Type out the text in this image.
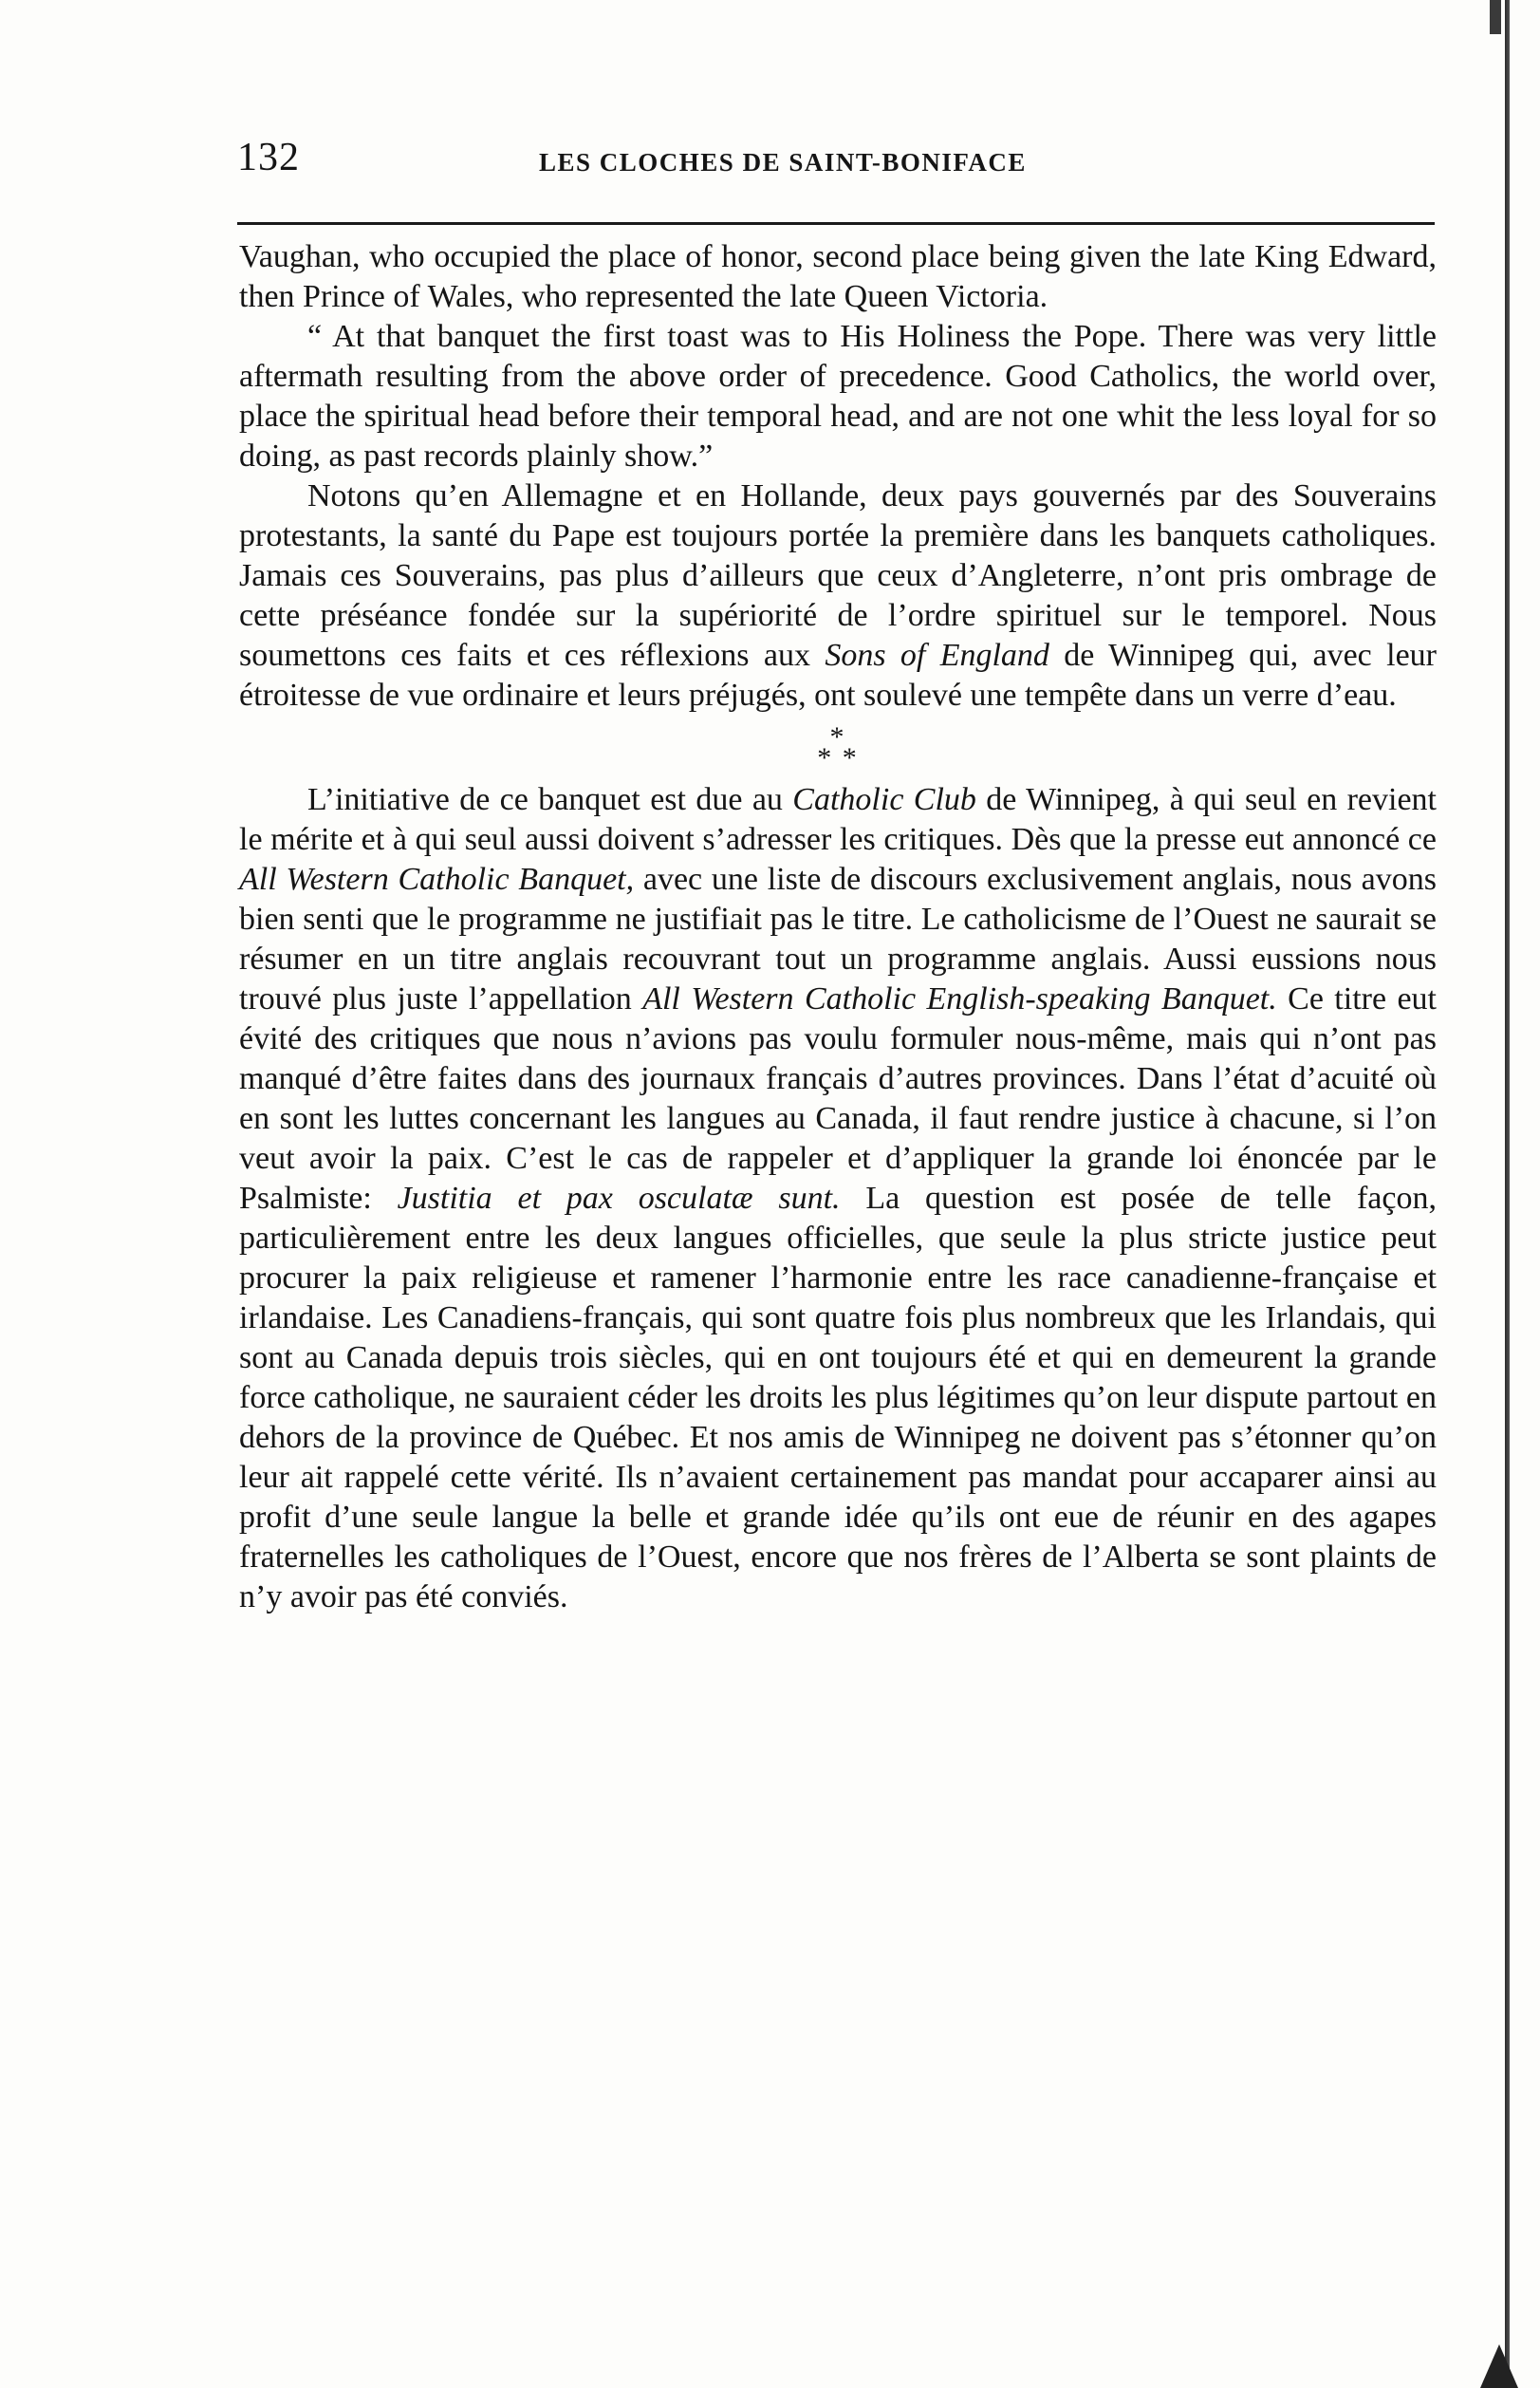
132	LES CLOCHES DE SAINT-BONIFACE

Vaughan, who occupied the place of honor, second place being given the late King Edward, then Prince of Wales, who represented the late Queen Victoria.

“ At that banquet the first toast was to His Holiness the Pope. There was very little aftermath resulting from the above order of precedence. Good Catholics, the world over, place the spiritual head before their temporal head, and are not one whit the less loyal for so doing, as past records plainly show.”

Notons qu’en Allemagne et en Hollande, deux pays gouvernés par des Souverains protestants, la santé du Pape est toujours portée la première dans les banquets catholiques. Jamais ces Souverains, pas plus d’ailleurs que ceux d’Angleterre, n’ont pris ombrage de cette préséance fondée sur la supériorité de l’ordre spirituel sur le temporel. Nous soumettons ces faits et ces réflexions aux Sons of England de Winnipeg qui, avec leur étroitesse de vue ordinaire et leurs préjugés, ont soulevé une tempête dans un verre d’eau.

*
* *

L’initiative de ce banquet est due au Catholic Club de Winnipeg, à qui seul en revient le mérite et à qui seul aussi doivent s’adresser les critiques. Dès que la presse eut annoncé ce All Western Catholic Banquet, avec une liste de discours exclusivement anglais, nous avons bien senti que le programme ne justifiait pas le titre. Le catholicisme de l’Ouest ne saurait se résumer en un titre anglais recouvrant tout un programme anglais. Aussi eussions nous trouvé plus juste l’appellation All Western Catholic English-speaking Banquet. Ce titre eut évité des critiques que nous n’avions pas voulu formuler nous-même, mais qui n’ont pas manqué d’être faites dans des journaux français d’autres provinces. Dans l’état d’acuité où en sont les luttes concernant les langues au Canada, il faut rendre justice à chacune, si l’on veut avoir la paix. C’est le cas de rappeler et d’appliquer la grande loi énoncée par le Psalmiste: Justitia et pax osculatæ sunt. La question est posée de telle façon, particulièrement entre les deux langues officielles, que seule la plus stricte justice peut procurer la paix religieuse et ramener l’harmonie entre les race canadienne-française et irlandaise. Les Canadiens-français, qui sont quatre fois plus nombreux que les Irlandais, qui sont au Canada depuis trois siècles, qui en ont toujours été et qui en demeurent la grande force catholique, ne sauraient céder les droits les plus légitimes qu’on leur dispute partout en dehors de la province de Québec. Et nos amis de Winnipeg ne doivent pas s’étonner qu’on leur ait rappelé cette vérité. Ils n’avaient certainement pas mandat pour accaparer ainsi au profit d’une seule langue la belle et grande idée qu’ils ont eue de réunir en des agapes fraternelles les catholiques de l’Ouest, encore que nos frères de l’Alberta se sont plaints de n’y avoir pas été conviés.
